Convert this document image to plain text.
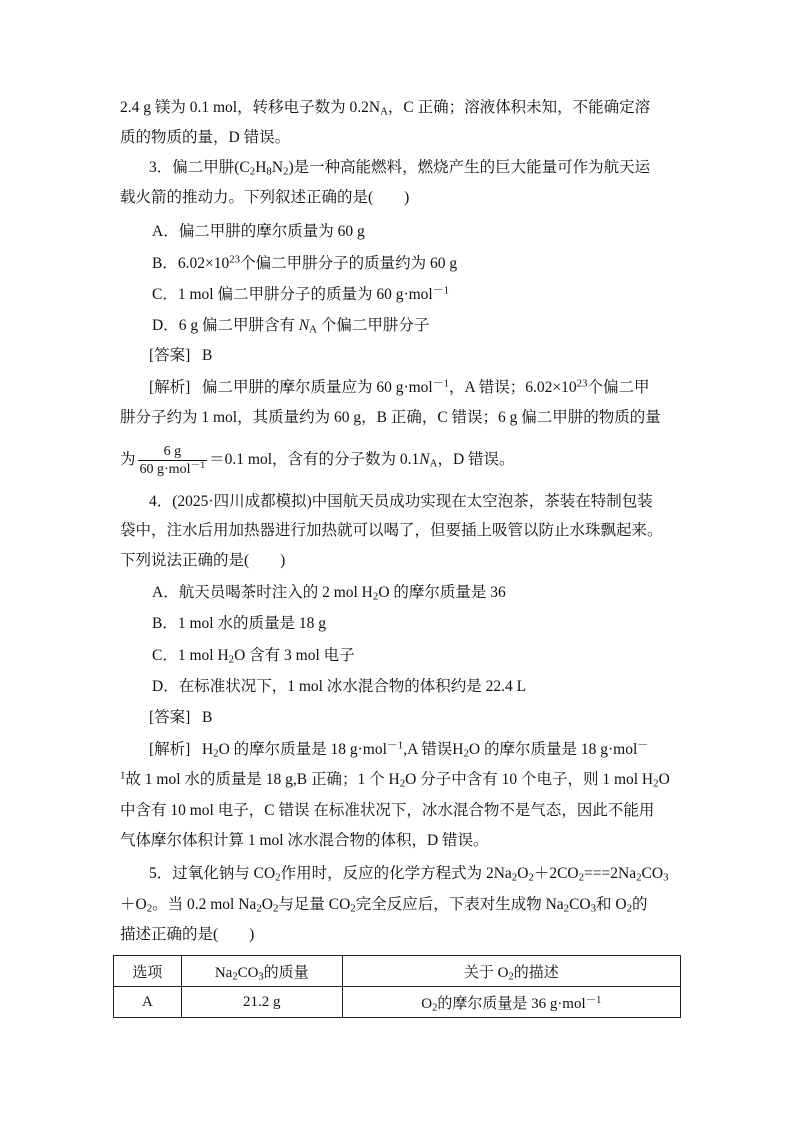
2.4 g 镁为 0.1 mol，转移电子数为 $0.2N_A$，C 正确；溶液体积未知，不能确定溶
质的物质的量，D 错误。
3．偏二甲肼$(C_2H_8N_2)$是一种高能燃料，燃烧产生的巨大能量可作为航天运
载火箭的推动力。下列叙述正确的是(　　)
A．偏二甲肼的摩尔质量为 60 g
B．$6.02\times 10^{23}$个偏二甲肼分子的质量约为 60 g
C．1 mol 偏二甲肼分子的质量为 60 g·mol$^{-1}$
D．6 g 偏二甲肼含有 $N_A$ 个偏二甲肼分子
[答案] B
[解析] 偏二甲肼的摩尔质量应为 60 g·mol$^{-1}$，A 错误；$6.02\times 10^{23}$个偏二甲
肼分子约为 1 mol，其质量约为 60 g，B 正确，C 错误；6 g 偏二甲肼的物质的量
为 $\frac{6 g}{60 g\cdot mol^{-1}} =0.1$ mol，含有的分子数为 $0.1N_A$，D 错误。
4．(2025·四川成都模拟)中国航天员成功实现在太空泡茶，茶装在特制包装
袋中，注水后用加热器进行加热就可以喝了，但要插上吸管以防止水珠飘起来。
下列说法正确的是(　　)
A．航天员喝茶时注入的 2 mol $H_2O$ 的摩尔质量是 36
B．1 mol 水的质量是 18 g
C．1 mol $H_2O$ 含有 3 mol 电子
D．在标准状况下，1 mol 冰水混合物的体积约是 22.4 L
[答案] B
[解析] $H_2O$ 的摩尔质量是 18 g·mol$^{-1}$,A 错误$H_2O$ 的摩尔质量是 18 g·mol－
$^1$故 1 mol 水的质量是 18 g,B 正确；1 个 $H_2O$ 分子中含有 10 个电子，则 1 mol $H_2O$
中含有 10 mol 电子，C 错误 在标准状况下，冰水混合物不是气态，因此不能用
气体摩尔体积计算 1 mol 冰水混合物的体积，D 错误。
5．过氧化钠与 $CO_2$作用时，反应的化学方程式为 $2Na_2O_2+2CO_2===2Na_2CO_3$
$+O_2$。当 0.2 mol $Na_2O_2$与足量 $CO_2$完全反应后，下表对生成物 $Na_2CO_3$和 $O_2$的
描述正确的是(　　)
选项	$Na_2CO_3$的质量	关于 $O_2$的描述
A	21.2 g	$O_2$的摩尔质量是 36 g·mol$^{-1}$
